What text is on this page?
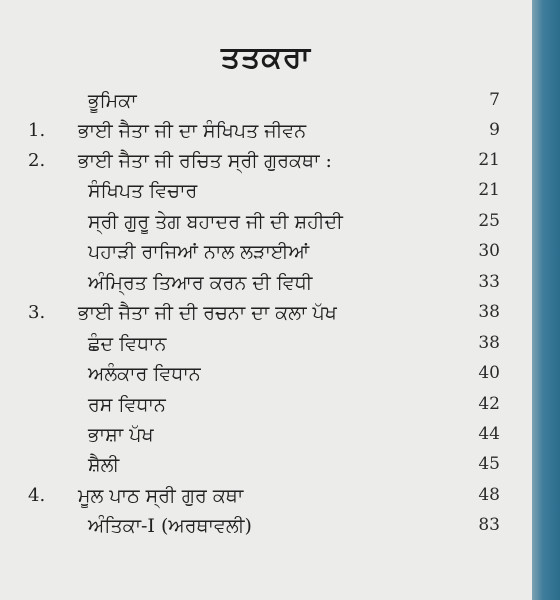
ਤਤਕਰਾ
ਭੂਮਿਕਾ	7
1. ਭਾਈ ਜੈਤਾ ਜੀ ਦਾ ਸੰਖਿਪਤ ਜੀਵਨ	9
2. ਭਾਈ ਜੈਤਾ ਜੀ ਰਚਿਤ ਸ੍ਰੀ ਗੁਰਕਥਾ :	21
ਸੰਖਿਪਤ ਵਿਚਾਰ	21
ਸ੍ਰੀ ਗੁਰੂ ਤੇਗ ਬਹਾਦਰ ਜੀ ਦੀ ਸ਼ਹੀਦੀ	25
ਪਹਾੜੀ ਰਾਜਿਆਂ ਨਾਲ ਲੜਾਈਆਂ	30
ਅੰਮ੍ਰਿਤ ਤਿਆਰ ਕਰਨ ਦੀ ਵਿਧੀ	33
3. ਭਾਈ ਜੈਤਾ ਜੀ ਦੀ ਰਚਨਾ ਦਾ ਕਲਾ ਪੱਖ	38
ਛੰਦ ਵਿਧਾਨ	38
ਅਲੰਕਾਰ ਵਿਧਾਨ	40
ਰਸ ਵਿਧਾਨ	42
ਭਾਸ਼ਾ ਪੱਖ	44
ਸ਼ੈਲੀ	45
4. ਮੂਲ ਪਾਠ ਸ੍ਰੀ ਗੁਰ ਕਥਾ	48
ਅੰਤਿਕਾ-I (ਅਰਥਾਵਲੀ)	83
